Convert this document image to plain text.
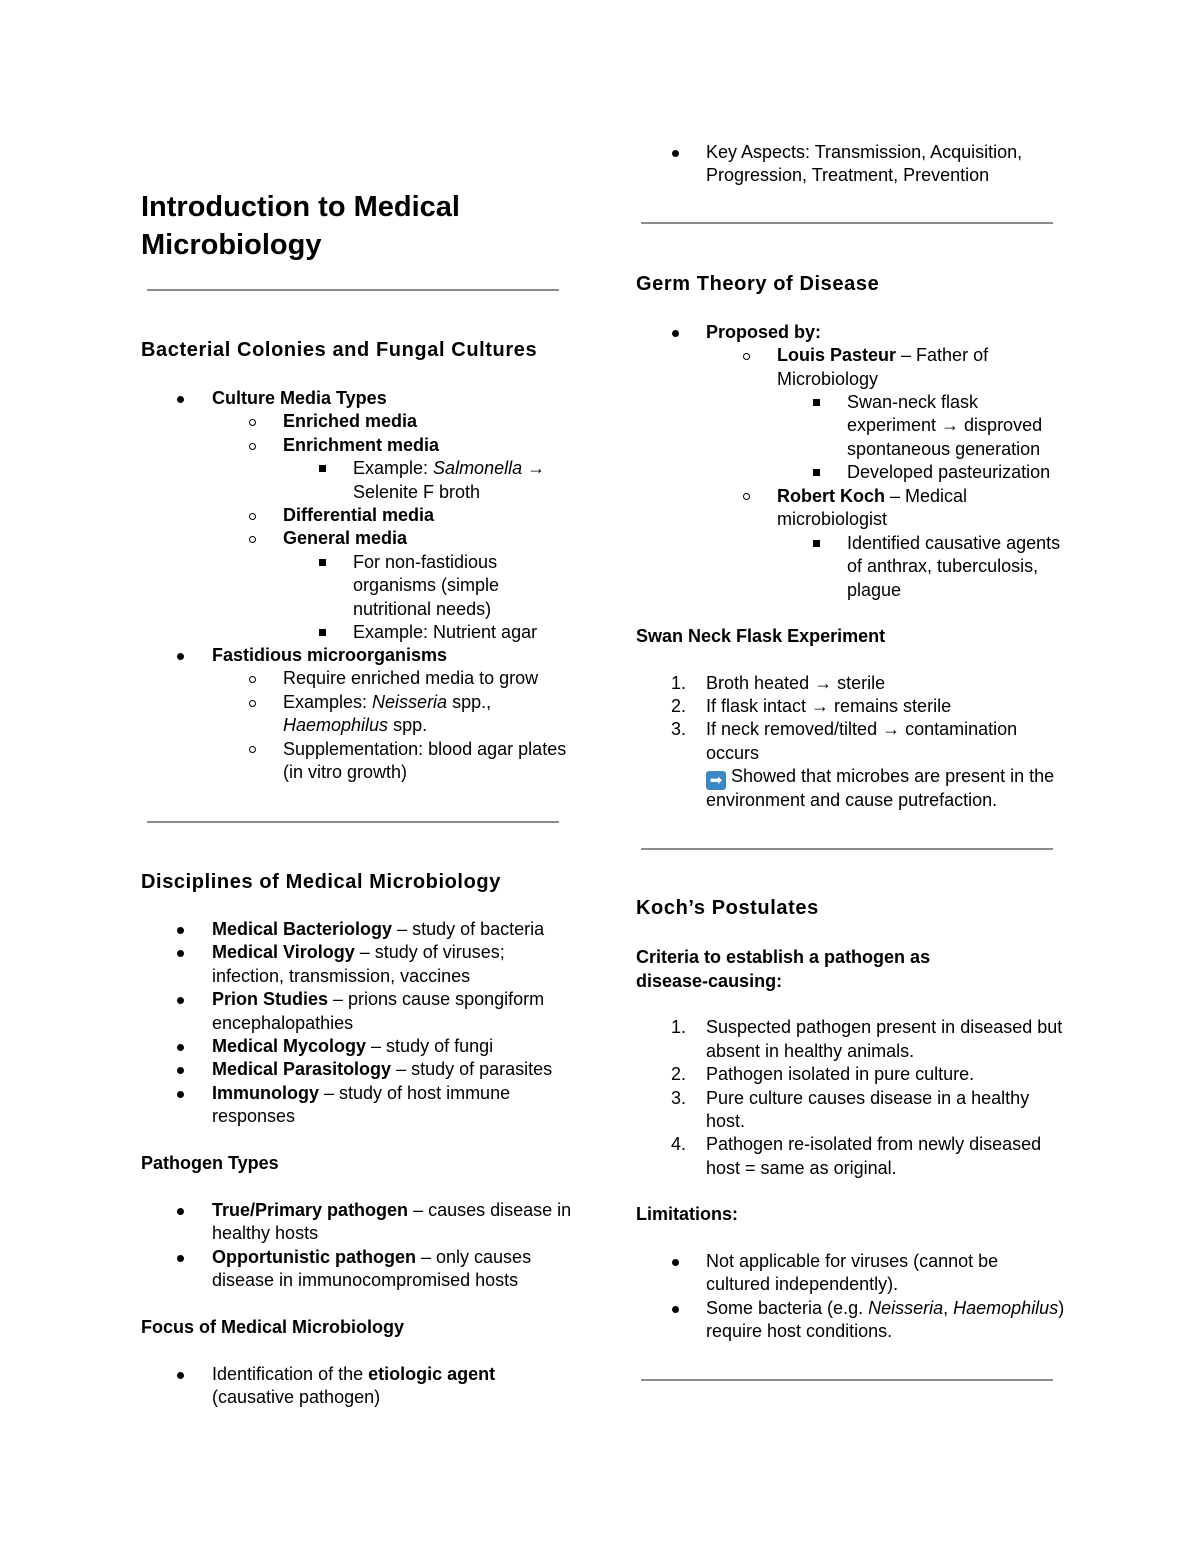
Introduction to Medical
Microbiology
Bacterial Colonies and Fungal Cultures
Culture Media Types
Enriched media
Enrichment media
Example: Salmonella →
Selenite F broth
Differential media
General media
For non-fastidious
organisms (simple
nutritional needs)
Example: Nutrient agar
Fastidious microorganisms
Require enriched media to grow
Examples: Neisseria spp.,
Haemophilus spp.
Supplementation: blood agar plates
(in vitro growth)
Disciplines of Medical Microbiology
Medical Bacteriology – study of bacteria
Medical Virology – study of viruses;
infection, transmission, vaccines
Prion Studies – prions cause spongiform
encephalopathies
Medical Mycology – study of fungi
Medical Parasitology – study of parasites
Immunology – study of host immune
responses
Pathogen Types
True/Primary pathogen – causes disease in
healthy hosts
Opportunistic pathogen – only causes
disease in immunocompromised hosts
Focus of Medical Microbiology
Identification of the etiologic agent
(causative pathogen)
Key Aspects: Transmission, Acquisition,
Progression, Treatment, Prevention
Germ Theory of Disease
Proposed by:
Louis Pasteur – Father of
Microbiology
Swan-neck flask
experiment → disproved
spontaneous generation
Developed pasteurization
Robert Koch – Medical
microbiologist
Identified causative agents
of anthrax, tuberculosis,
plague
Swan Neck Flask Experiment
1. Broth heated → sterile
2. If flask intact → remains sterile
3. If neck removed/tilted → contamination
occurs
➡ Showed that microbes are present in the
environment and cause putrefaction.
Koch’s Postulates
Criteria to establish a pathogen as
disease-causing:
1. Suspected pathogen present in diseased but
absent in healthy animals.
2. Pathogen isolated in pure culture.
3. Pure culture causes disease in a healthy
host.
4. Pathogen re-isolated from newly diseased
host = same as original.
Limitations:
Not applicable for viruses (cannot be
cultured independently).
Some bacteria (e.g. Neisseria, Haemophilus)
require host conditions.
